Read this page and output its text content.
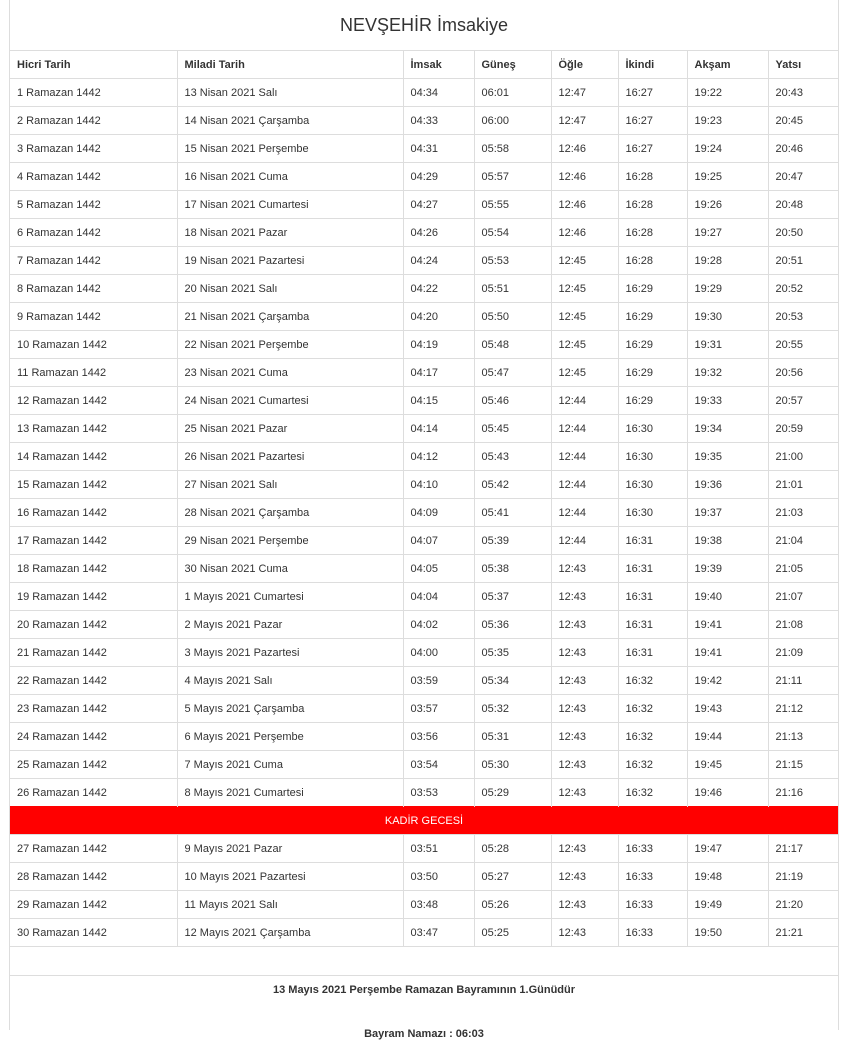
NEVŞEHİR İmsakiye
Hicri Tarih	Miladi Tarih	İmsak	Güneş	Öğle	İkindi	Akşam	Yatsı
1 Ramazan 1442	13 Nisan 2021 Salı	04:34	06:01	12:47	16:27	19:22	20:43
2 Ramazan 1442	14 Nisan 2021 Çarşamba	04:33	06:00	12:47	16:27	19:23	20:45
3 Ramazan 1442	15 Nisan 2021 Perşembe	04:31	05:58	12:46	16:27	19:24	20:46
4 Ramazan 1442	16 Nisan 2021 Cuma	04:29	05:57	12:46	16:28	19:25	20:47
5 Ramazan 1442	17 Nisan 2021 Cumartesi	04:27	05:55	12:46	16:28	19:26	20:48
6 Ramazan 1442	18 Nisan 2021 Pazar	04:26	05:54	12:46	16:28	19:27	20:50
7 Ramazan 1442	19 Nisan 2021 Pazartesi	04:24	05:53	12:45	16:28	19:28	20:51
8 Ramazan 1442	20 Nisan 2021 Salı	04:22	05:51	12:45	16:29	19:29	20:52
9 Ramazan 1442	21 Nisan 2021 Çarşamba	04:20	05:50	12:45	16:29	19:30	20:53
10 Ramazan 1442	22 Nisan 2021 Perşembe	04:19	05:48	12:45	16:29	19:31	20:55
11 Ramazan 1442	23 Nisan 2021 Cuma	04:17	05:47	12:45	16:29	19:32	20:56
12 Ramazan 1442	24 Nisan 2021 Cumartesi	04:15	05:46	12:44	16:29	19:33	20:57
13 Ramazan 1442	25 Nisan 2021 Pazar	04:14	05:45	12:44	16:30	19:34	20:59
14 Ramazan 1442	26 Nisan 2021 Pazartesi	04:12	05:43	12:44	16:30	19:35	21:00
15 Ramazan 1442	27 Nisan 2021 Salı	04:10	05:42	12:44	16:30	19:36	21:01
16 Ramazan 1442	28 Nisan 2021 Çarşamba	04:09	05:41	12:44	16:30	19:37	21:03
17 Ramazan 1442	29 Nisan 2021 Perşembe	04:07	05:39	12:44	16:31	19:38	21:04
18 Ramazan 1442	30 Nisan 2021 Cuma	04:05	05:38	12:43	16:31	19:39	21:05
19 Ramazan 1442	1 Mayıs 2021 Cumartesi	04:04	05:37	12:43	16:31	19:40	21:07
20 Ramazan 1442	2 Mayıs 2021 Pazar	04:02	05:36	12:43	16:31	19:41	21:08
21 Ramazan 1442	3 Mayıs 2021 Pazartesi	04:00	05:35	12:43	16:31	19:41	21:09
22 Ramazan 1442	4 Mayıs 2021 Salı	03:59	05:34	12:43	16:32	19:42	21:11
23 Ramazan 1442	5 Mayıs 2021 Çarşamba	03:57	05:32	12:43	16:32	19:43	21:12
24 Ramazan 1442	6 Mayıs 2021 Perşembe	03:56	05:31	12:43	16:32	19:44	21:13
25 Ramazan 1442	7 Mayıs 2021 Cuma	03:54	05:30	12:43	16:32	19:45	21:15
26 Ramazan 1442	8 Mayıs 2021 Cumartesi	03:53	05:29	12:43	16:32	19:46	21:16
KADİR GECESİ							
27 Ramazan 1442	9 Mayıs 2021 Pazar	03:51	05:28	12:43	16:33	19:47	21:17
28 Ramazan 1442	10 Mayıs 2021 Pazartesi	03:50	05:27	12:43	16:33	19:48	21:19
29 Ramazan 1442	11 Mayıs 2021 Salı	03:48	05:26	12:43	16:33	19:49	21:20
30 Ramazan 1442	12 Mayıs 2021 Çarşamba	03:47	05:25	12:43	16:33	19:50	21:21

13 Mayıs 2021 Perşembe Ramazan Bayramının 1.Günüdür
Bayram Namazı : 06:03
